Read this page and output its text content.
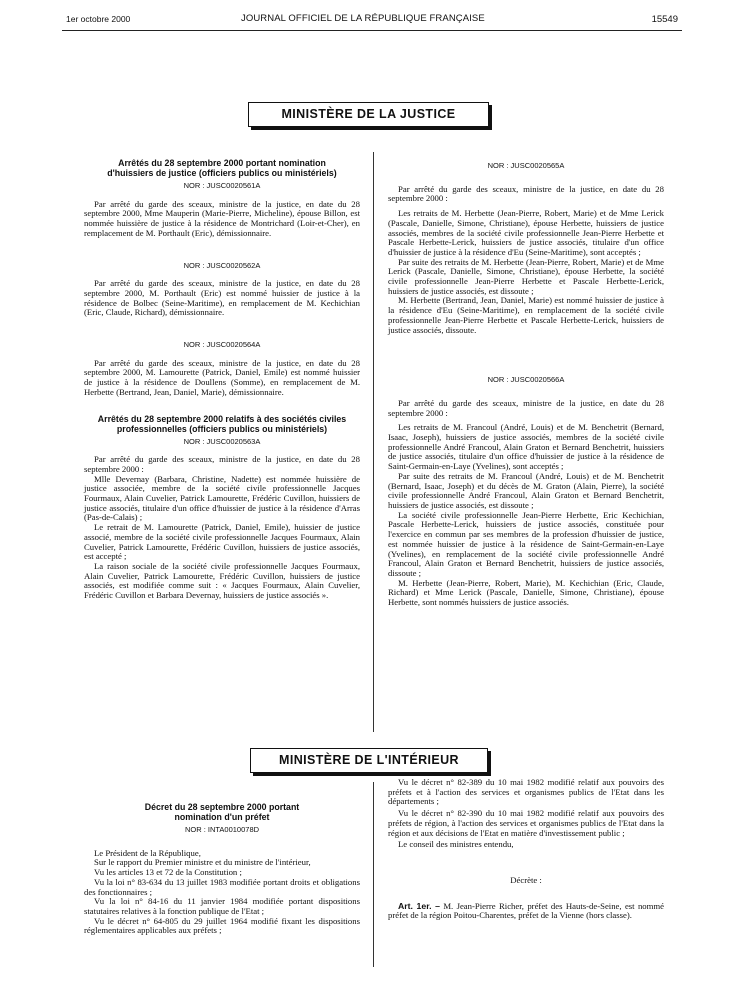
1er octobre 2000	JOURNAL OFFICIEL DE LA RÉPUBLIQUE FRANÇAISE	15549
MINISTÈRE DE LA JUSTICE
Arrêtés du 28 septembre 2000 portant nomination d'huissiers de justice (officiers publics ou ministériels)
NOR : JUSC0020561A

Par arrêté du garde des sceaux, ministre de la justice, en date du 28 septembre 2000, Mme Mauperin (Marie-Pierre, Micheline), épouse Billon, est nommée huissière de justice à la résidence de Montrichard (Loir-et-Cher), en remplacement de M. Porthault (Eric), démissionnaire.

NOR : JUSC0020562A

Par arrêté du garde des sceaux, ministre de la justice, en date du 28 septembre 2000, M. Porthault (Eric) est nommé huissier de justice à la résidence de Bolbec (Seine-Maritime), en remplacement de M. Kechichian (Eric, Claude, Richard), démissionnaire.

NOR : JUSC0020564A

Par arrêté du garde des sceaux, ministre de la justice, en date du 28 septembre 2000, M. Lamourette (Patrick, Daniel, Emile) est nommé huissier de justice à la résidence de Doullens (Somme), en remplacement de M. Herbette (Bertrand, Jean, Daniel, Marie), démissionnaire.

Arrêtés du 28 septembre 2000 relatifs à des sociétés civiles professionnelles (officiers publics ou ministériels)
NOR : JUSC0020563A

Par arrêté du garde des sceaux, ministre de la justice, en date du 28 septembre 2000 :

Mlle Devernay (Barbara, Christine, Nadette) est nommée huissière de justice associée, membre de la société civile professionnelle Jacques Fourmaux, Alain Cuvelier, Patrick Lamourette, Frédéric Cuvillon, huissiers de justice associés, titulaire d'un office d'huissier de justice à la résidence d'Arras (Pas-de-Calais) ;

Le retrait de M. Lamourette (Patrick, Daniel, Emile), huissier de justice associé, membre de la société civile professionnelle Jacques Fourmaux, Alain Cuvelier, Patrick Lamourette, Frédéric Cuvillon, huissiers de justice associés, est accepté ;

La raison sociale de la société civile professionnelle Jacques Fourmaux, Alain Cuvelier, Patrick Lamourette, Frédéric Cuvillon, huissiers de justice associés, est modifiée comme suit : « Jacques Fourmaux, Alain Cuvelier, Frédéric Cuvillon et Barbara Devernay, huissiers de justice associés ».

NOR : JUSC0020565A

Par arrêté du garde des sceaux, ministre de la justice, en date du 28 septembre 2000 :

Les retraits de M. Herbette (Jean-Pierre, Robert, Marie) et de Mme Lerick (Pascale, Danielle, Simone, Christiane), épouse Herbette, huissiers de justice associés, membres de la société civile professionnelle Jean-Pierre Herbette et Pascale Herbette-Lerick, huissiers de justice associés, titulaire d'un office d'huissier de justice à la résidence d'Eu (Seine-Maritime), sont acceptés ;

Par suite des retraits de M. Herbette (Jean-Pierre, Robert, Marie) et de Mme Lerick (Pascale, Danielle, Simone, Christiane), épouse Herbette, la société civile professionnelle Jean-Pierre Herbette et Pascale Herbette-Lerick, huissiers de justice associés, est dissoute ;

M. Herbette (Bertrand, Jean, Daniel, Marie) est nommé huissier de justice à la résidence d'Eu (Seine-Maritime), en remplacement de la société civile professionnelle Jean-Pierre Herbette et Pascale Herbette-Lerick, huissiers de justice associés, dissoute.

NOR : JUSC0020566A

Par arrêté du garde des sceaux, ministre de la justice, en date du 28 septembre 2000 :

Les retraits de M. Francoul (André, Louis) et de M. Benchetrit (Bernard, Isaac, Joseph), huissiers de justice associés, membres de la société civile professionnelle André Francoul, Alain Graton et Bernard Benchetrit, huissiers de justice associés, titulaire d'un office d'huissier de justice à la résidence de Saint-Germain-en-Laye (Yvelines), sont acceptés ;

Par suite des retraits de M. Francoul (André, Louis) et de M. Benchetrit (Bernard, Isaac, Joseph) et du décès de M. Graton (Alain, Pierre), la société civile professionnelle André Francoul, Alain Graton et Bernard Benchetrit, huissiers de justice associés, est dissoute ;

La société civile professionnelle Jean-Pierre Herbette, Eric Kechichian, Pascale Herbette-Lerick, huissiers de justice associés, constituée pour l'exercice en commun par ses membres de la profession d'huissier de justice, est nommée huissier de justice à la résidence de Saint-Germain-en-Laye (Yvelines), en remplacement de la société civile professionnelle André Francoul, Alain Graton et Bernard Benchetrit, huissiers de justice associés, dissoute ;

M. Herbette (Jean-Pierre, Robert, Marie), M. Kechichian (Eric, Claude, Richard) et Mme Lerick (Pascale, Danielle, Simone, Christiane), épouse Herbette, sont nommés huissiers de justice associés.

MINISTÈRE DE L'INTÉRIEUR
Décret du 28 septembre 2000 portant nomination d'un préfet
NOR : INTA0010078D

Le Président de la République,

Sur le rapport du Premier ministre et du ministre de l'intérieur,

Vu les articles 13 et 72 de la Constitution ;

Vu la loi n° 83-634 du 13 juillet 1983 modifiée portant droits et obligations des fonctionnaires ;

Vu la loi n° 84-16 du 11 janvier 1984 modifiée portant dispositions statutaires relatives à la fonction publique de l'Etat ;

Vu le décret n° 64-805 du 29 juillet 1964 modifié fixant les dispositions réglementaires applicables aux préfets ;

Vu le décret n° 82-389 du 10 mai 1982 modifié relatif aux pouvoirs des préfets et à l'action des services et organismes publics de l'Etat dans les départements ;

Vu le décret n° 82-390 du 10 mai 1982 modifié relatif aux pouvoirs des préfets de région, à l'action des services et organismes publics de l'Etat dans la région et aux décisions de l'Etat en matière d'investissement public ;

Le conseil des ministres entendu,

Décrète :

Art. 1er. – M. Jean-Pierre Richer, préfet des Hauts-de-Seine, est nommé préfet de la région Poitou-Charentes, préfet de la Vienne (hors classe).
